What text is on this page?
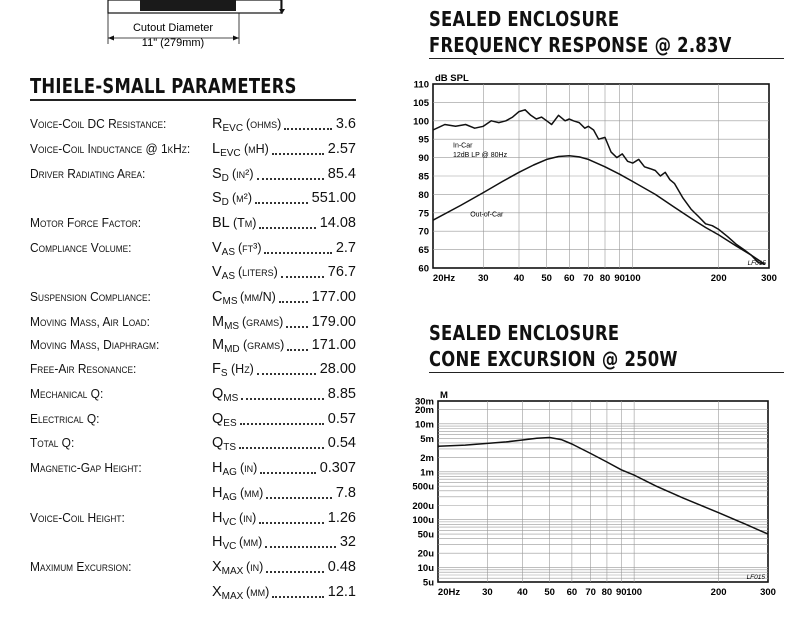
Cutout Diameter
11" (279mm)
THIELE-SMALL PARAMETERS
Voice-Coil DC Resistance:	$R_{EVC}$ (ohms)	3.6
Voice-Coil Inductance @ 1kHz: $L_{EVC}$ (mH)	2.57
Driver Radiating Area:	$S_D$ (in²)	85.4
$S_D$ (m²)	551.00
Motor Force Factor:	BL (Tm)	14.08
Compliance Volume:	$V_{AS}$ (ft³)	2.7
$V_{AS}$ (liters)	76.7
Suspension Compliance:	$C_{MS}$ (µm/N) 177.00
Moving Mass, Air Load:	$M_{MS}$ (grams) 179.00
Moving Mass, Diaphragm:	$M_{MD}$ (grams) 171.00
Free-Air Resonance:	$F_S$ (Hz)	28.00
Mechanical Q:	$Q_{MS}$	8.85
Electrical Q:	$Q_{ES}$	0.57
Total Q:	$Q_{TS}$	0.54
Magnetic-Gap Height:	$H_{AG}$ (in)	0.307
$H_{AG}$ (mm)	7.8
Voice-Coil Height:	$H_{VC}$ (in)	1.26
$H_{VC}$ (mm)	32
Maximum Excursion:	$X_{MAX}$ (in)	0.48
$X_{MAX}$ (mm)	12.1
SEALED ENCLOSURE
FREQUENCY RESPONSE @ 2.83V
60
65
70
75
80
85
90
95
100
105
110
20Hz 30	40 50 60 70 80 90 100	200	300
dB SPL
LF015
In-Car
12dB LP @ 80Hz
Out-of-Car
SEALED ENCLOSURE
CONE EXCURSION @ 250W
30m
20m
10m
5m
2m
1m
500u
200u
100u
50u
20u
10u
5u
20Hz 30	40 50 60 70 80 90 100	200	300
M
LF015
